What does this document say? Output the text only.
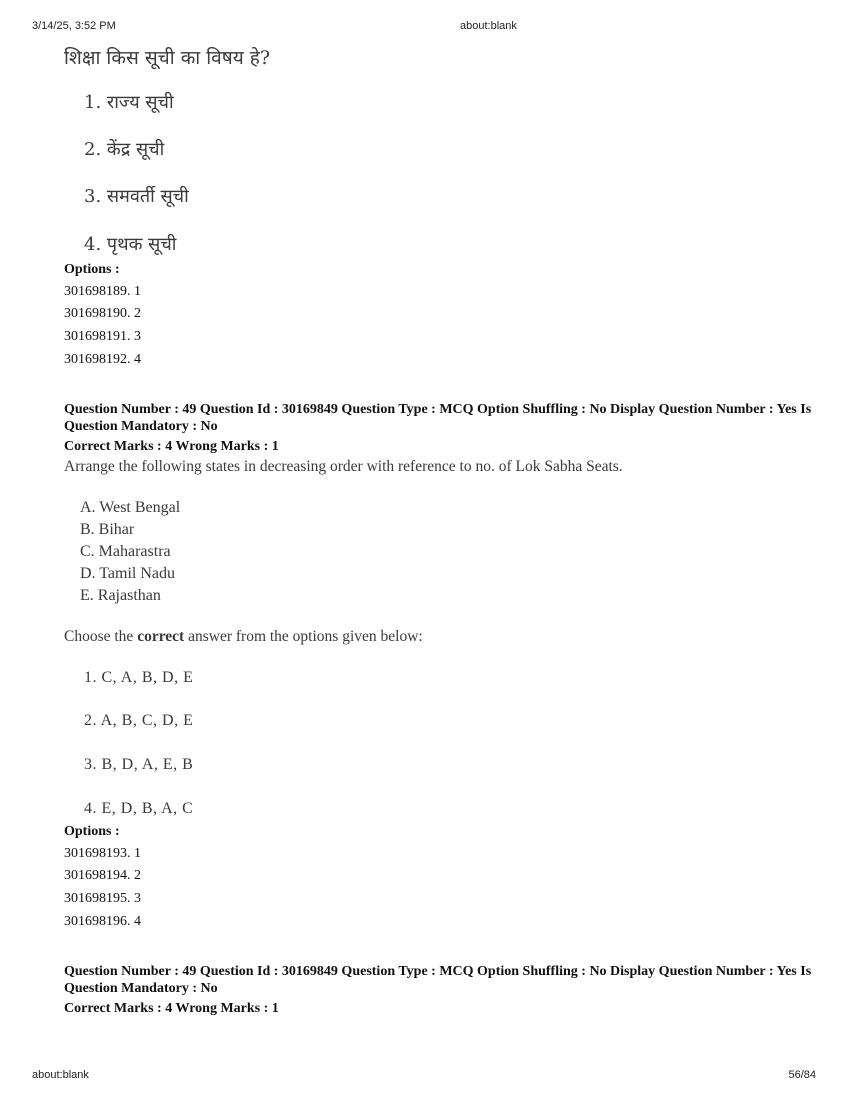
3/14/25, 3:52 PM	about:blank
शिक्षा किस सूची का विषय हे?
1. राज्य सूची
2. केंद्र सूची
3. समवर्ती सूची
4. पृथक सूची
Options :
301698189. 1
301698190. 2
301698191. 3
301698192. 4
Question Number : 49 Question Id : 30169849 Question Type : MCQ Option Shuffling : No Display Question Number : Yes Is Question Mandatory : No
Correct Marks : 4 Wrong Marks : 1
Arrange the following states in decreasing order with reference to no. of Lok Sabha Seats.
A. West Bengal
B. Bihar
C. Maharastra
D. Tamil Nadu
E. Rajasthan
Choose the correct answer from the options given below:
1. C, A, B, D, E
2. A, B, C, D, E
3. B, D, A, E, B
4. E, D, B, A, C
Options :
301698193. 1
301698194. 2
301698195. 3
301698196. 4
Question Number : 49 Question Id : 30169849 Question Type : MCQ Option Shuffling : No Display Question Number : Yes Is Question Mandatory : No
Correct Marks : 4 Wrong Marks : 1
about:blank	56/84
